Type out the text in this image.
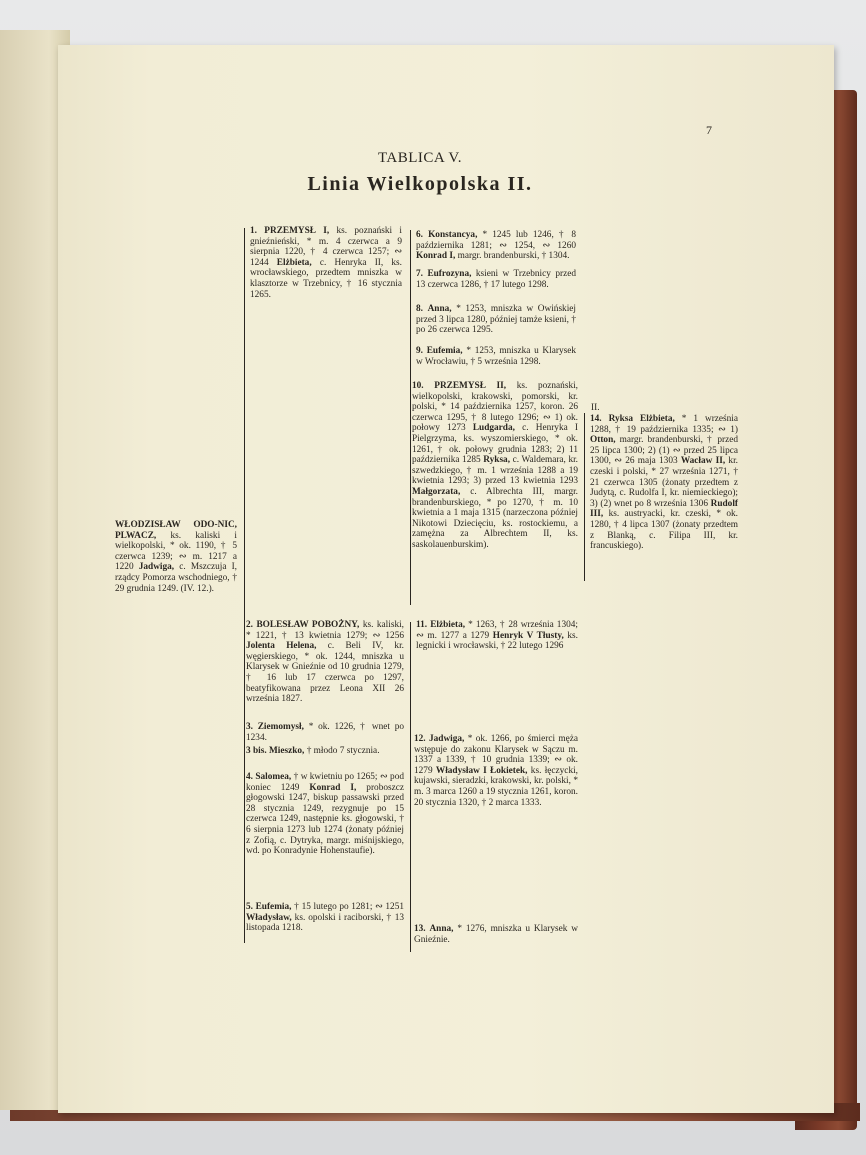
7
TABLICA V.
Linia Wielkopolska II.
WŁODZISŁAW ODO-NIC, PLWACZ, ks. kaliski i wielkopolski, * ok. 1190, † 5 czerwca 1239; ∾ m. 1217 a 1220 Jadwiga, c. Mszczuja I, rządcy Pomorza wschodniego, † 29 grudnia 1249. (IV. 12.).
1. PRZEMYSŁ I, ks. poznański i gnieźnieński, * m. 4 czerwca a 9 sierpnia 1220, † 4 czerwca 1257; ∾ 1244 Elżbieta, c. Henryka II, ks. wrocławskiego, przedtem mniszka w klasztorze w Trzebnicy, † 16 stycznia 1265.
2. BOLESŁAW POBOŻNY, ks. kaliski, * 1221, † 13 kwietnia 1279; ∾ 1256 Jolenta Helena, c. Beli IV, kr. węgierskiego, * ok. 1244, mniszka u Klarysek w Gnieźnie od 10 grudnia 1279, † 16 lub 17 czerwca po 1297, beatyfikowana przez Leona XII 26 września 1827.
3. Ziemomysł, * ok. 1226, † wnet po 1234.
3 bis. Mieszko, † młodo 7 stycznia.
4. Salomea, † w kwietniu po 1265; ∾ pod koniec 1249 Konrad I, proboszcz głogowski 1247, biskup passawski przed 28 stycznia 1249, rezygnuje po 15 czerwca 1249, następnie ks. głogowski, † 6 sierpnia 1273 lub 1274 (żonaty później z Zofią, c. Dytryka, margr. miśnijskiego, wd. po Konradynie Hohenstaufie).
5. Eufemia, † 15 lutego po 1281; ∾ 1251 Władysław, ks. opolski i raciborski, † 13 listopada 1218.
6. Konstancya, * 1245 lub 1246, † 8 października 1281; ∾ 1254, ∾ 1260 Konrad I, margr. brandenburski, † 1304.
7. Eufrozyna, ksieni w Trzebnicy przed 13 czerwca 1286, † 17 lutego 1298.
8. Anna, * 1253, mniszka w Owińskiej przed 3 lipca 1280, później tamże ksieni, † po 26 czerwca 1295.
9. Eufemia, * 1253, mniszka u Klarysek w Wrocławiu, † 5 września 1298.
10. PRZEMYSŁ II, ks. poznański, wielkopolski, krakowski, pomorski, kr. polski, * 14 października 1257, koron. 26 czerwca 1295, † 8 lutego 1296; ∾ 1) ok. połowy 1273 Ludgarda, c. Henryka I Pielgrzyma, ks. wyszomierskiego, * ok. 1261, † ok. połowy grudnia 1283; 2) 11 października 1285 Ryksa, c. Waldemara, kr. szwedzkiego, † m. 1 września 1288 a 19 kwietnia 1293; 3) przed 13 kwietnia 1293 Małgorzata, c. Albrechta III, margr. brandenburskiego, * po 1270, † m. 10 kwietnia a 1 maja 1315 (narzeczona później Nikotowi Dziecięciu, ks. rostockiemu, a zamężna za Albrechtem II, ks. saskolauenburskim).
11. Elżbieta, * 1263, † 28 września 1304; ∾ m. 1277 a 1279 Henryk V Tłusty, ks. legnicki i wrocławski, † 22 lutego 1296
12. Jadwiga, * ok. 1266, po śmierci męża wstępuje do zakonu Klarysek w Sączu m. 1337 a 1339, † 10 grudnia 1339; ∾ ok. 1279 Władysław I Łokietek, ks. łęczycki, kujawski, sieradzki, krakowski, kr. polski, * m. 3 marca 1260 a 19 stycznia 1261, koron. 20 stycznia 1320, † 2 marca 1333.
13. Anna, * 1276, mniszka u Klarysek w Gnieźnie.
II.
14. Ryksa Elżbieta, * 1 września 1288, † 19 października 1335; ∾ 1) Otton, margr. brandenburski, † przed 25 lipca 1300; 2) (1) ∾ przed 25 lipca 1300, ∾ 26 maja 1303 Wacław II, kr. czeski i polski, * 27 września 1271, † 21 czerwca 1305 (żonaty przedtem z Judytą, c. Rudolfa I, kr. niemieckiego); 3) (2) wnet po 8 września 1306 Rudolf III, ks. austryacki, kr. czeski, * ok. 1280, † 4 lipca 1307 (żonaty przedtem z Blanką, c. Filipa III, kr. francuskiego).
